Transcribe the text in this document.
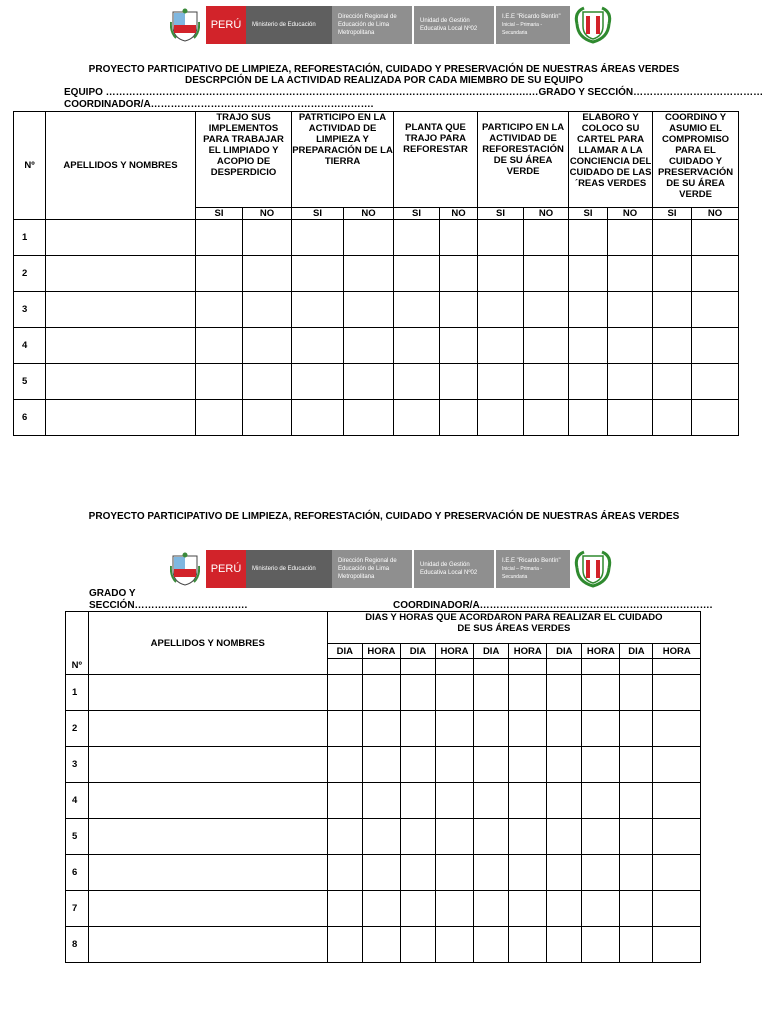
PERÚ	Ministerio de Educación
Dirección Regional de Educación de Lima Metropolitana
Unidad de Gestión Educativa Local Nº02
I.E.E "Ricardo Bentín"
Inicial – Primaria - Secundaria
PROYECTO PARTICIPATIVO DE LIMPIEZA, REFORESTACIÓN, CUIDADO Y PRESERVACIÓN DE NUESTRAS ÁREAS VERDES
DESCRPCIÓN DE LA ACTIVIDAD REALIZADA POR CADA MIEMBRO DE SU EQUIPO
EQUIPO ……………………………………………………………………………………………………………….…GRADO Y SECCIÓN…………………………………
COORDINADOR/A………………………………………………………….
Nº	APELLIDOS Y NOMBRES	TRAJO SUS IMPLEMENTOS PARA TRABAJAR EL LIMPIADO Y ACOPIO DE DESPERDICIO		PATRTICIPO EN LA ACTIVIDAD DE LIMPIEZA Y PREPARACIÓN DE LA TIERRA		PLANTA QUE TRAJO PARA REFORESTAR		PARTICIPO EN LA ACTIVIDAD DE REFORESTACIÓN DE SU ÁREA VERDE		ELABORO Y COLOCO SU CARTEL PARA LLAMAR A LA CONCIENCIA DEL CUIDADO DE LAS ´REAS VERDES		COORDINO Y ASUMIO EL COMPROMISO PARA EL CUIDADO Y PRESERVACIÓN DE SU ÁREA VERDE	
		SI	NO	SI	NO	SI	NO	SI	NO	SI	NO	SI	NO
1													
2													
3													
4													
5													
6													
PROYECTO PARTICIPATIVO DE LIMPIEZA, REFORESTACIÓN, CUIDADO Y PRESERVACIÓN DE NUESTRAS ÁREAS VERDES
PERÚ	Ministerio de Educación
Dirección Regional de Educación de Lima Metropolitana
Unidad de Gestión Educativa Local Nº02
I.E.E "Ricardo Bentín"
Inicial – Primaria - Secundaria
GRADO Y
SECCIÓN…………………………….	COORDINADOR/A…………………………………………………………….
Nº	APELLIDOS Y NOMBRES	DIAS Y HORAS QUE ACORDARON PARA REALIZAR EL CUIDADO DE SUS ÁREAS VERDES									
		DIA	HORA	DIA	HORA	DIA	HORA	DIA	HORA	DIA	HORA

1											
2											
3											
4											
5											
6											
7											
8											
